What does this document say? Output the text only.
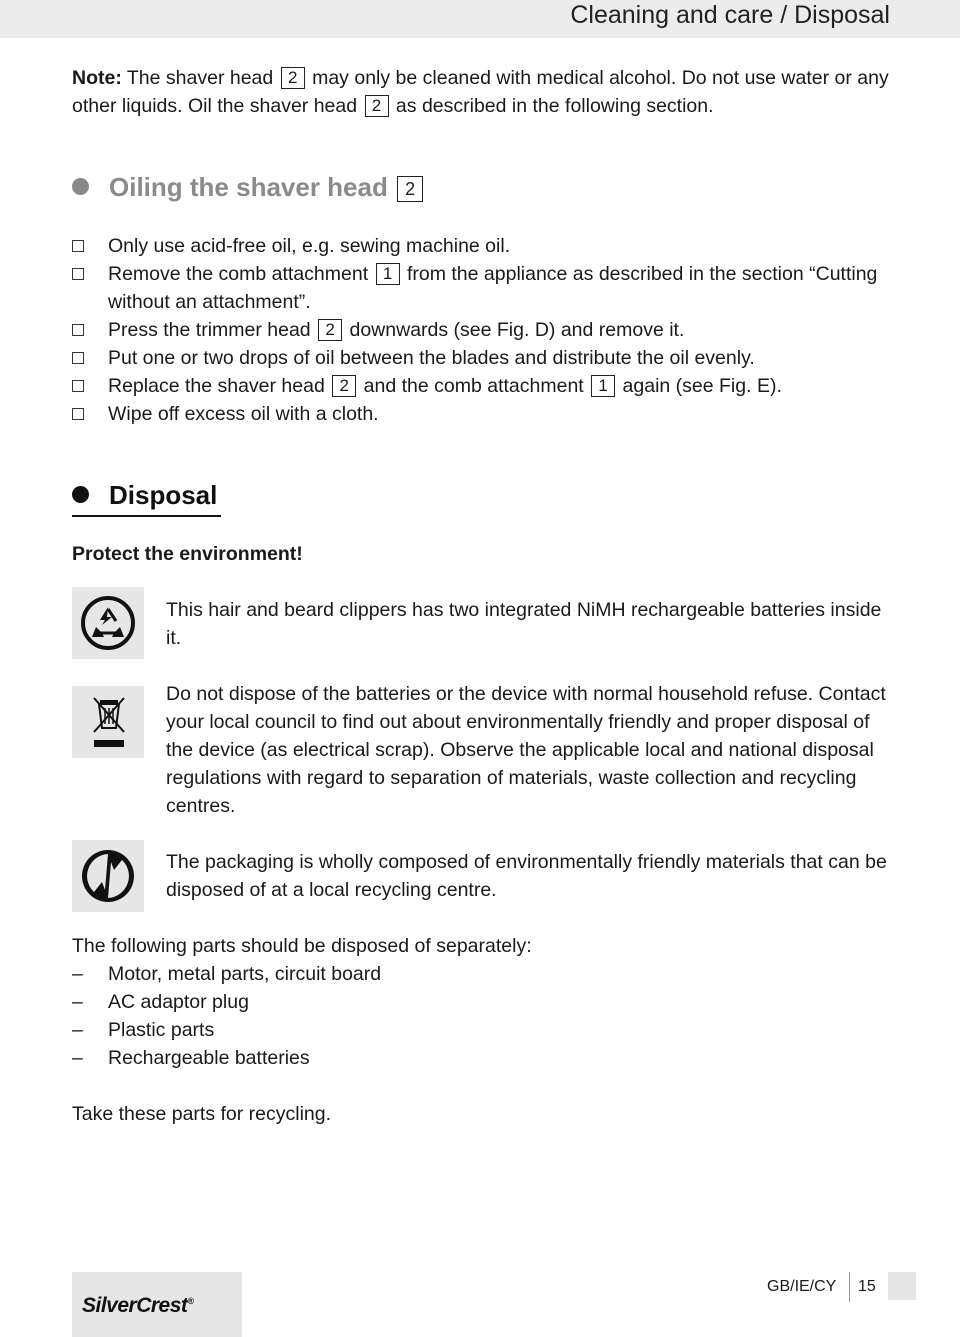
Cleaning and care / Disposal
Note: The shaver head 2 may only be cleaned with medical alcohol. Do not use water or any other liquids. Oil the shaver head 2 as described in the following section.
Oiling the shaver head 2
Only use acid-free oil, e.g. sewing machine oil.
Remove the comb attachment 1 from the appliance as described in the section “Cutting without an attachment”.
Press the trimmer head 2 downwards (see Fig. D) and remove it.
Put one or two drops of oil between the blades and distribute the oil evenly.
Replace the shaver head 2 and the comb attachment 1 again (see Fig. E).
Wipe off excess oil with a cloth.
Disposal
Protect the environment!
This hair and beard clippers has two integrated NiMH rechargeable batteries inside it.
Do not dispose of the batteries or the device with normal household refuse. Contact your local council to find out about environmentally friendly and proper disposal of the device (as electrical scrap). Observe the applicable local and national disposal regulations with regard to separation of materials, waste collection and recycling centres.
The packaging is wholly composed of environmentally friendly materials that can be disposed of at a local recycling centre.
The following parts should be disposed of separately:
– Motor, metal parts, circuit board
– AC adaptor plug
– Plastic parts
– Rechargeable batteries
Take these parts for recycling.
SilverCrest®
GB/IE/CY 15
